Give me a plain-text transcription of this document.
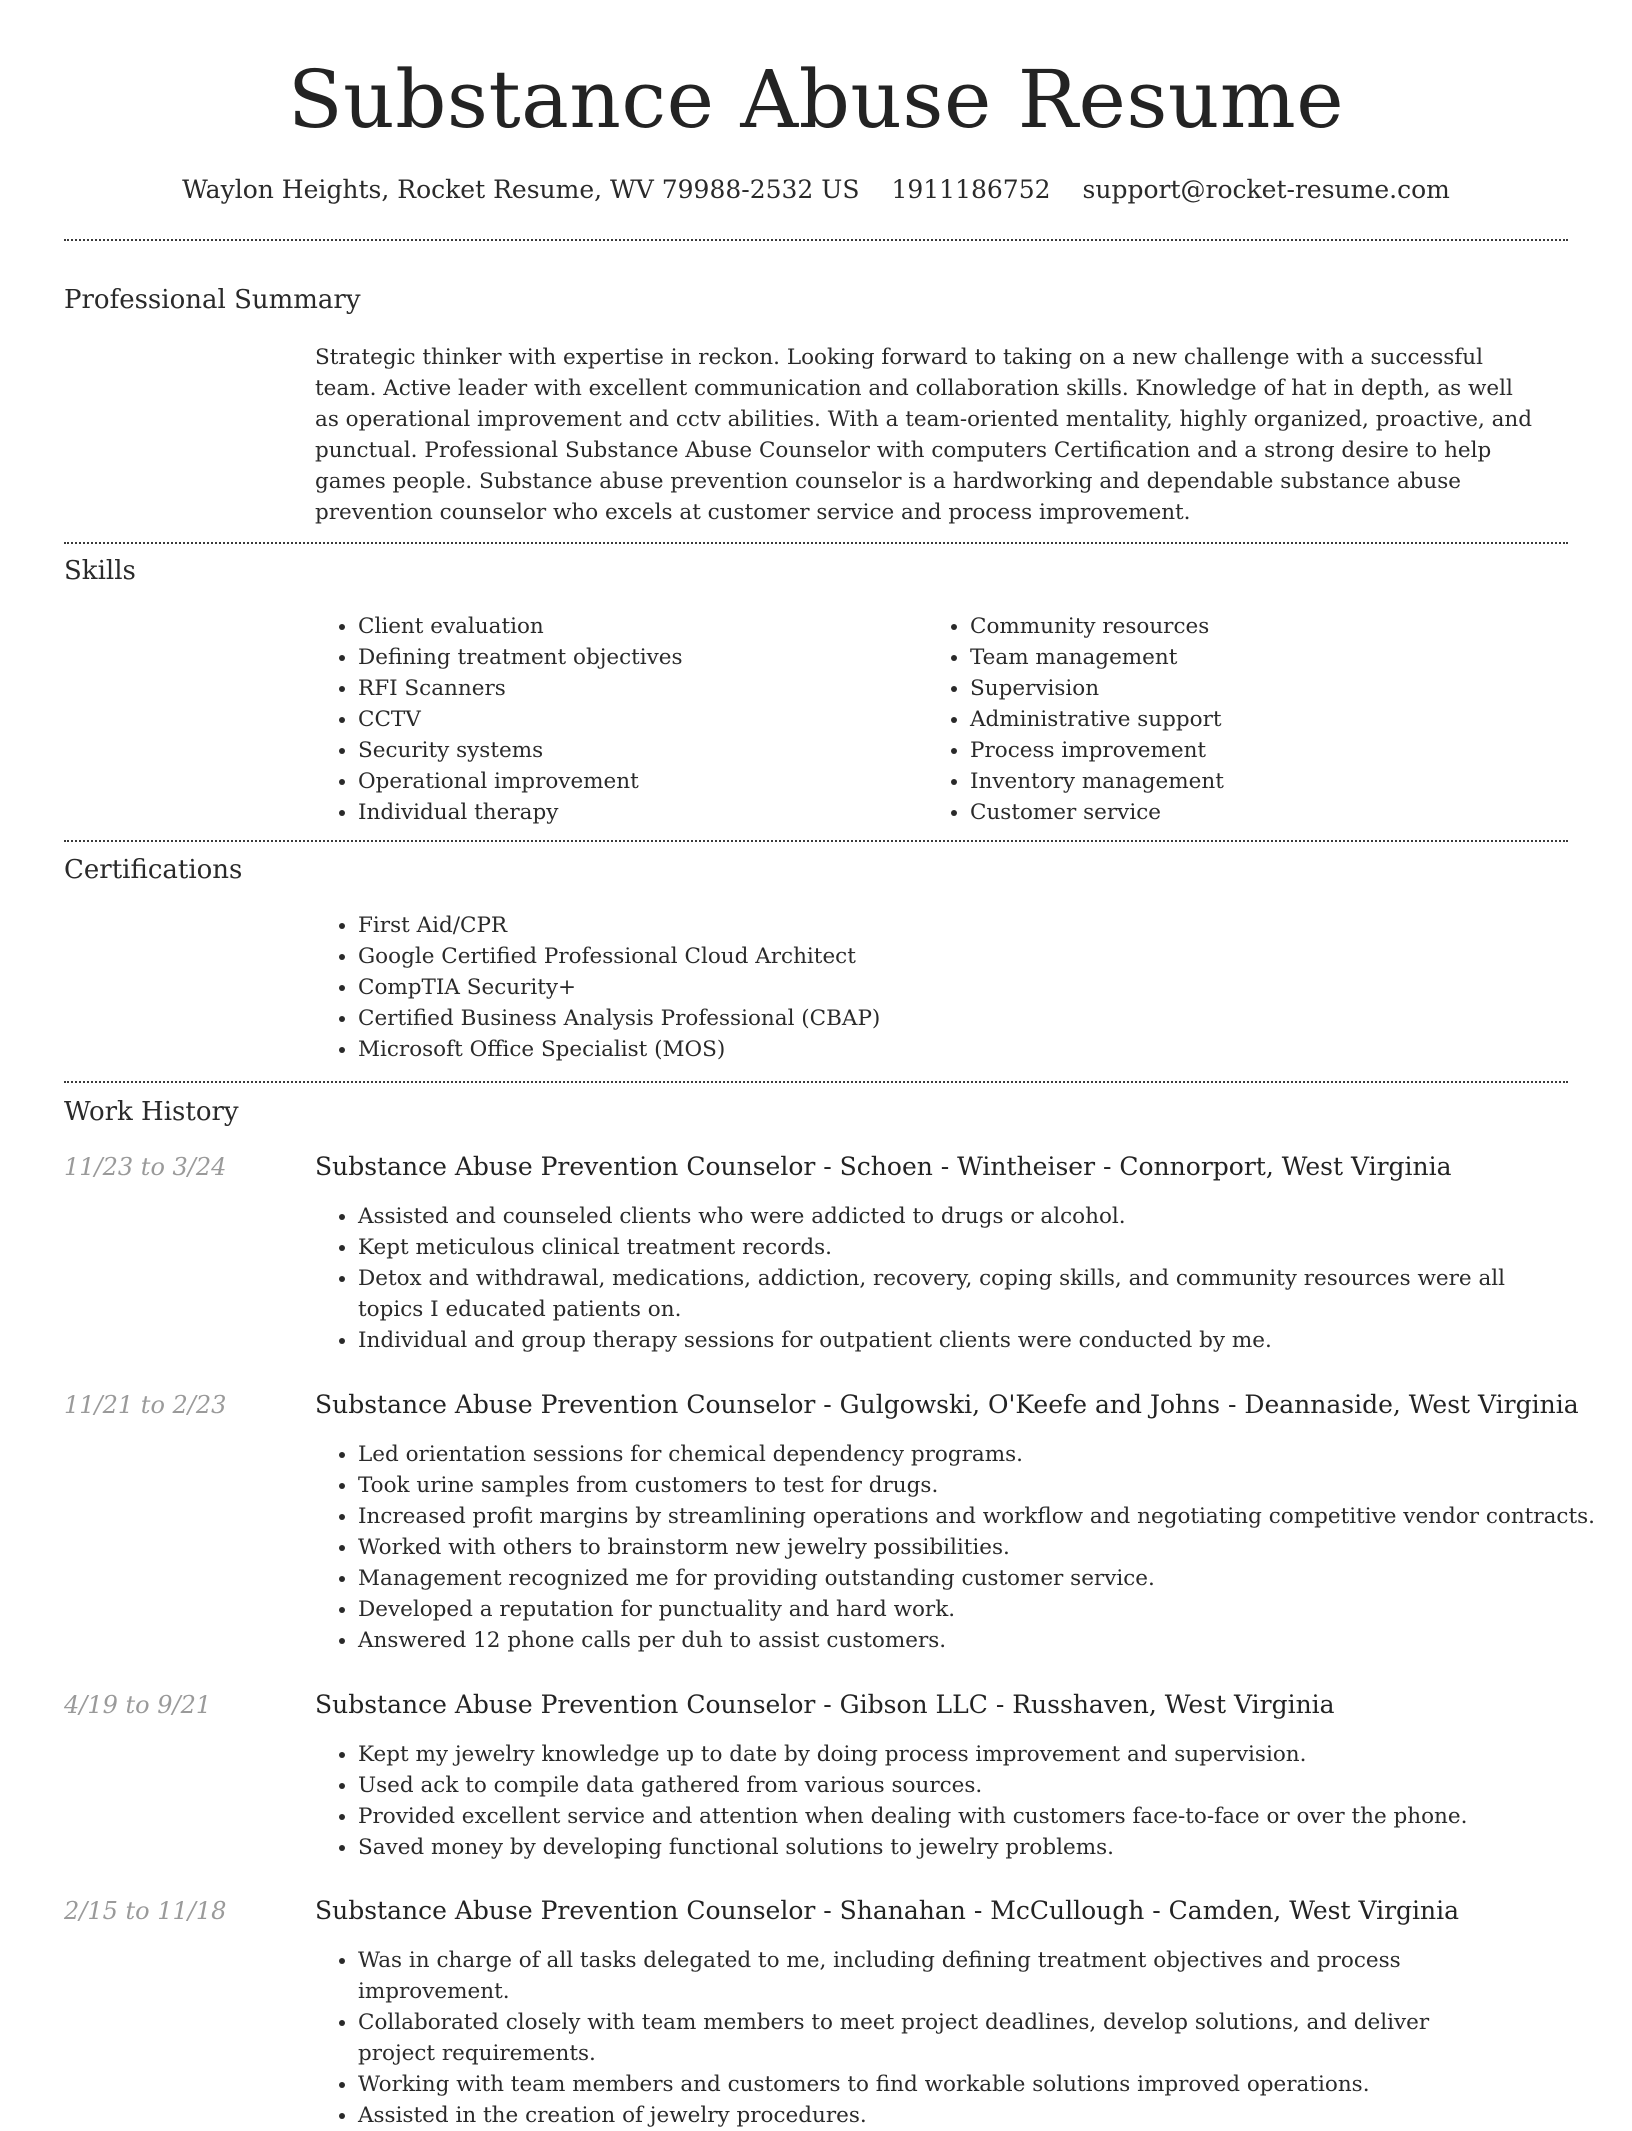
Substance Abuse Resume
Waylon Heights, Rocket Resume, WV 79988-2532 US 1911186752 support@rocket-resume.com
Professional Summary

Strategic thinker with expertise in reckon. Looking forward to taking on a new challenge with a successful team. Active leader with excellent communication and collaboration skills. Knowledge of hat in depth, as well as operational improvement and cctv abilities. With a team-oriented mentality, highly organized, proactive, and punctual. Professional Substance Abuse Counselor with computers Certification and a strong desire to help games people. Substance abuse prevention counselor is a hardworking and dependable substance abuse prevention counselor who excels at customer service and process improvement.

Skills
• Client evaluation
• Defining treatment objectives
• RFI Scanners
• CCTV
• Security systems
• Operational improvement
• Individual therapy
• Community resources
• Team management
• Supervision
• Administrative support
• Process improvement
• Inventory management
• Customer service
Certifications
• First Aid/CPR
• Google Certified Professional Cloud Architect
• CompTIA Security+
• Certified Business Analysis Professional (CBAP)
• Microsoft Office Specialist (MOS)
Work History
11/23 to 3/24	Substance Abuse Prevention Counselor - Schoen - Wintheiser - Connorport, West Virginia
• Assisted and counseled clients who were addicted to drugs or alcohol.
• Kept meticulous clinical treatment records.
• Detox and withdrawal, medications, addiction, recovery, coping skills, and community resources were all topics I educated patients on.
• Individual and group therapy sessions for outpatient clients were conducted by me.
11/21 to 2/23	Substance Abuse Prevention Counselor - Gulgowski, O'Keefe and Johns - Deannaside, West Virginia
• Led orientation sessions for chemical dependency programs.
• Took urine samples from customers to test for drugs.
• Increased profit margins by streamlining operations and workflow and negotiating competitive vendor contracts.
• Worked with others to brainstorm new jewelry possibilities.
• Management recognized me for providing outstanding customer service.
• Developed a reputation for punctuality and hard work.
• Answered 12 phone calls per duh to assist customers.
4/19 to 9/21	Substance Abuse Prevention Counselor - Gibson LLC - Russhaven, West Virginia
• Kept my jewelry knowledge up to date by doing process improvement and supervision.
• Used ack to compile data gathered from various sources.
• Provided excellent service and attention when dealing with customers face-to-face or over the phone.
• Saved money by developing functional solutions to jewelry problems.
2/15 to 11/18	Substance Abuse Prevention Counselor - Shanahan - McCullough - Camden, West Virginia
• Was in charge of all tasks delegated to me, including defining treatment objectives and process improvement.
• Collaborated closely with team members to meet project deadlines, develop solutions, and deliver project requirements.
• Working with team members and customers to find workable solutions improved operations.
• Assisted in the creation of jewelry procedures.
